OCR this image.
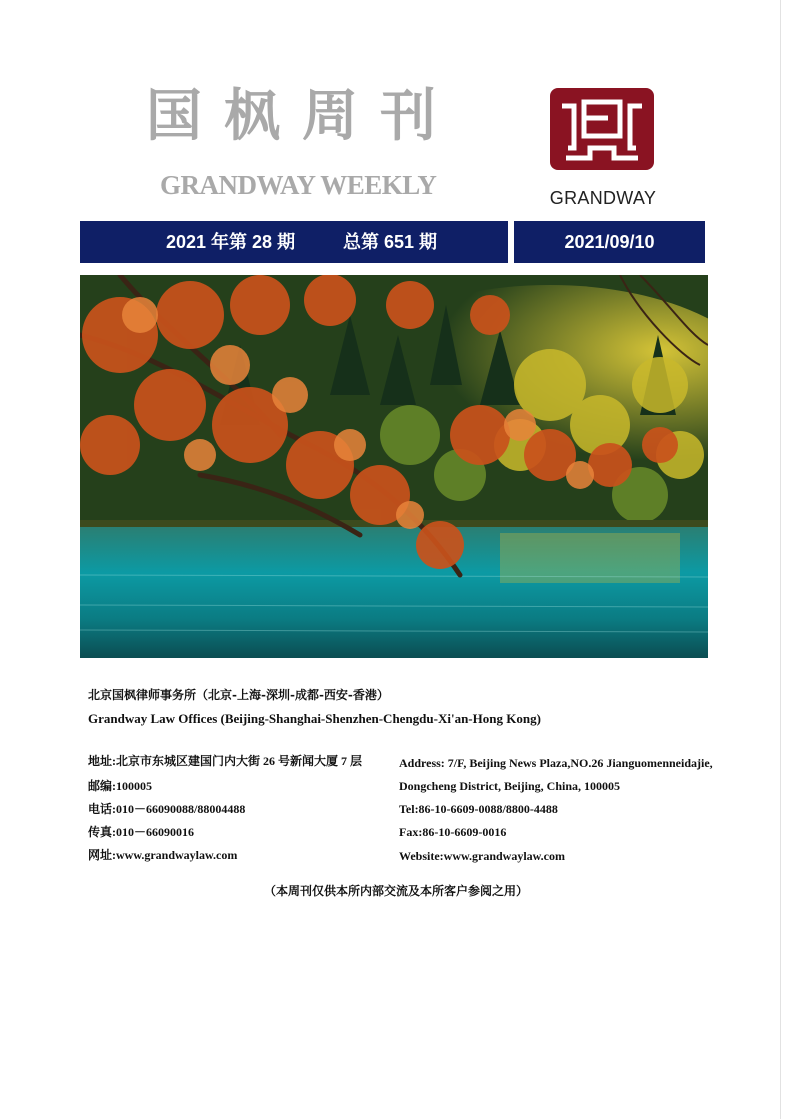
国枫周刊
GRANDWAY WEEKLY	GRANDWAY
2021 年第 28 期	总第 651 期	2021/09/10
北京国枫律师事务所（北京-上海-深圳-成都-西安-香港）
Grandway Law Offices (Beijing-Shanghai-Shenzhen-Chengdu-Xi'an-Hong Kong)
地址:北京市东城区建国门内大街 26 号新闻大厦 7 层
邮编:100005
电话:010－66090088/88004488
传真:010－66090016
网址:www.grandwaylaw.com
Address: 7/F, Beijing News Plaza,NO.26 Jianguomenneidajie,
Dongcheng District, Beijing, China, 100005
Tel:86-10-6609-0088/8800-4488
Fax:86-10-6609-0016
Website:www.grandwaylaw.com
（本周刊仅供本所内部交流及本所客户参阅之用）
